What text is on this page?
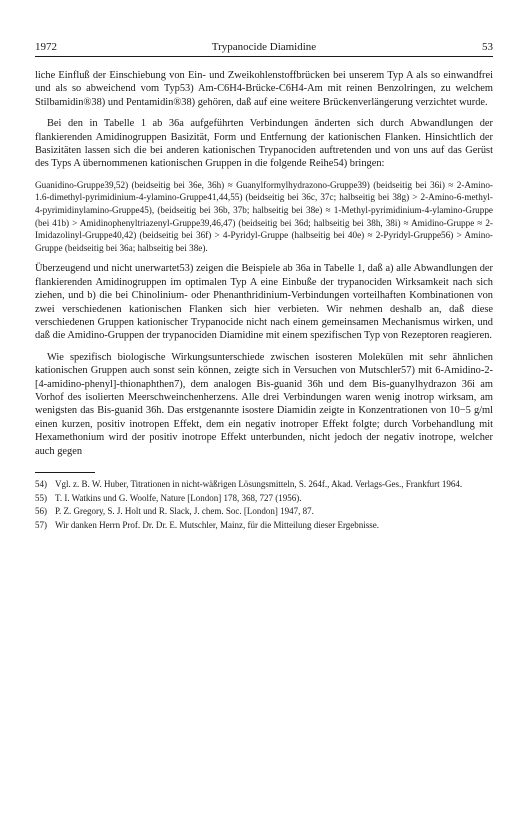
1972	Trypanocide Diamidine	53

liche Einfluß der Einschiebung von Ein- und Zweikohlenstoffbrücken bei unserem Typ A als so einwandfrei und als so abweichend vom Typ53) Am-C6H4-Brücke-C6H4-Am mit reinen Benzolringen, zu welchem Stilbamidin®38) und Pentamidin®38) gehören, daß auf eine weitere Brückenverlängerung verzichtet wurde.

Bei den in Tabelle 1 ab 36a aufgeführten Verbindungen änderten sich durch Abwandlungen der flankierenden Amidinogruppen Basizität, Form und Entfernung der kationischen Flanken. Hinsichtlich der Basizitäten lassen sich die bei anderen kationischen Trypanociden auftretenden und von uns auf das Gerüst des Typs A übernommenen kationischen Gruppen in die folgende Reihe54) bringen:

Guanidino-Gruppe39,52) (beidseitig bei 36e, 36h) ≈ Guanylformylhydrazono-Gruppe39) (beidseitig bei 36i) ≈ 2-Amino-1.6-dimethyl-pyrimidinium-4-ylamino-Gruppe41,44,55) (beidseitig bei 36c, 37c; halbseitig bei 38g) > 2-Amino-6-methyl-4-pyrimidinylamino-Gruppe45), (beidseitig bei 36b, 37b; halbseitig bei 38e) ≈ 1-Methyl-pyrimidinium-4-ylamino-Gruppe (bei 41b) > Amidinophenyltriazenyl-Gruppe39,46,47) (beidseitig bei 36d; halbseitig bei 38h, 38i) ≈ Amidino-Gruppe ≈ 2-Imidazolinyl-Gruppe40,42) (beidseitig bei 36f) > 4-Pyridyl-Gruppe (halbseitig bei 40e) ≈ 2-Pyridyl-Gruppe56) > Amino-Gruppe (beidseitig bei 36a; halbseitig bei 38e).

Überzeugend und nicht unerwartet53) zeigen die Beispiele ab 36a in Tabelle 1, daß a) alle Abwandlungen der flankierenden Amidinogruppen im optimalen Typ A eine Einbuße der trypanociden Wirksamkeit nach sich ziehen, und b) die bei Chinolinium- oder Phenanthridinium-Verbindungen vorteilhaften Kombinationen von zwei verschiedenen kationischen Flanken sich hier verbieten. Wir nehmen deshalb an, daß diese verschiedenen Gruppen kationischer Trypanocide nicht nach einem gemeinsamen Mechanismus wirken, und daß die Amidino-Gruppen der trypanociden Diamidine mit einem spezifischen Typ von Rezeptoren reagieren.

Wie spezifisch biologische Wirkungsunterschiede zwischen isosteren Molekülen mit sehr ähnlichen kationischen Gruppen auch sonst sein können, zeigte sich in Versuchen von Mutschler57) mit 6-Amidino-2-[4-amidino-phenyl]-thionaphthen7), dem analogen Bis-guanid 36h und dem Bis-guanylhydrazon 36i am Vorhof des isolierten Meerschweinchenherzens. Alle drei Verbindungen waren wenig inotrop wirksam, am wenigsten das Bis-guanid 36h. Das erstgenannte isostere Diamidin zeigte in Konzentrationen von 10−5 g/ml einen kurzen, positiv inotropen Effekt, dem ein negativ inotroper Effekt folgte; durch Vorbehandlung mit Hexamethonium wird der positiv inotrope Effekt unterbunden, nicht jedoch der negativ inotrope, welcher auch gegen

54) Vgl. z. B. W. Huber, Titrationen in nicht-wäßrigen Lösungsmitteln, S. 264f., Akad. Verlags-Ges., Frankfurt 1964.
55) T. I. Watkins und G. Woolfe, Nature [London] 178, 368, 727 (1956).
56) P. Z. Gregory, S. J. Holt und R. Slack, J. chem. Soc. [London] 1947, 87.
57) Wir danken Herrn Prof. Dr. Dr. E. Mutschler, Mainz, für die Mitteilung dieser Ergebnisse.
